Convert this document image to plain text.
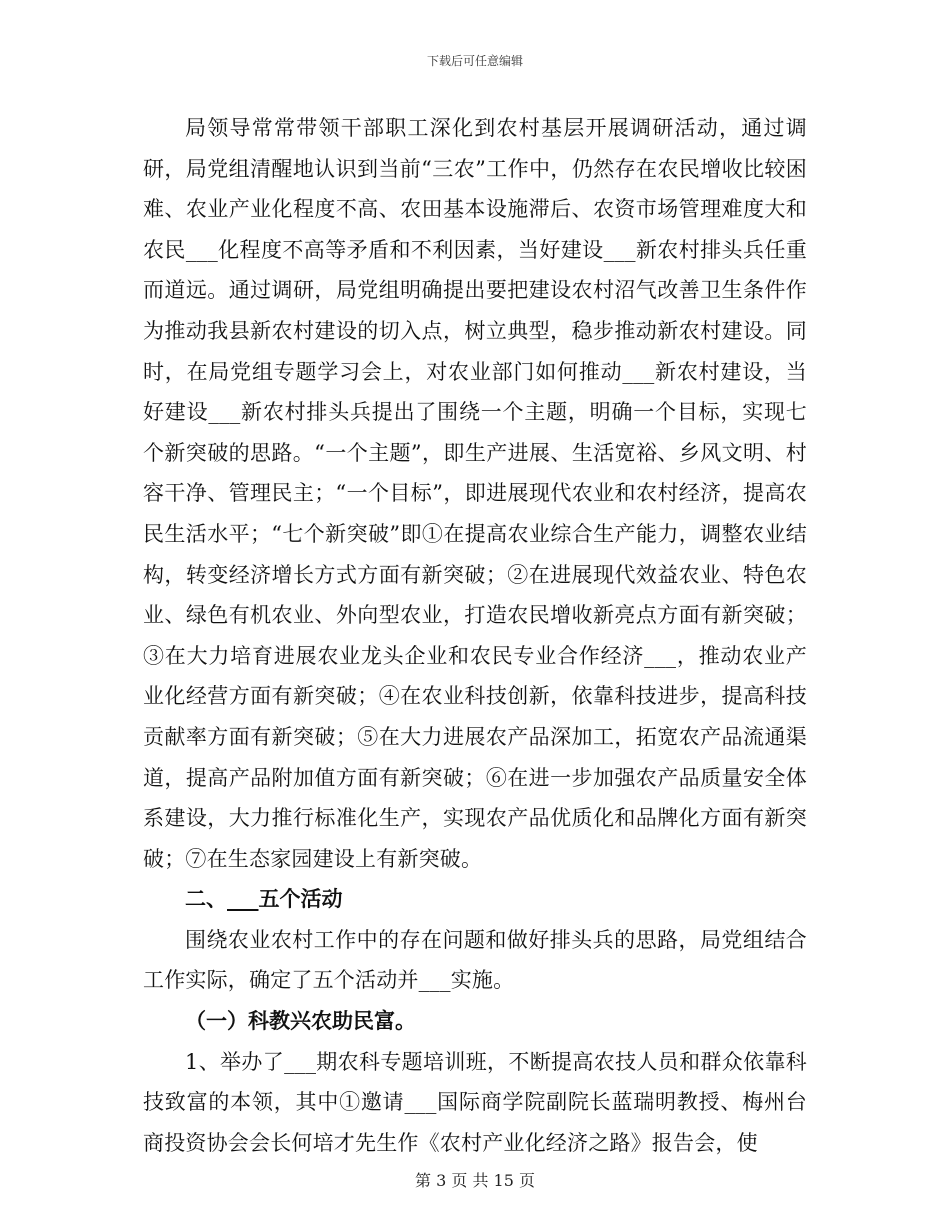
下载后可任意编辑

局领导常常带领干部职工深化到农村基层开展调研活动，通过调研，局党组清醒地认识到当前“三农”工作中，仍然存在农民增收比较困难、农业产业化程度不高、农田基本设施滞后、农资市场管理难度大和农民___化程度不高等矛盾和不利因素，当好建设___新农村排头兵任重而道远。通过调研，局党组明确提出要把建设农村沼气改善卫生条件作为推动我县新农村建设的切入点，树立典型，稳步推动新农村建设。同时，在局党组专题学习会上，对农业部门如何推动___新农村建设，当好建设___新农村排头兵提出了围绕一个主题，明确一个目标，实现七个新突破的思路。“一个主题”，即生产进展、生活宽裕、乡风文明、村容干净、管理民主；“一个目标”，即进展现代农业和农村经济，提高农民生活水平；“七个新突破”即①在提高农业综合生产能力，调整农业结构，转变经济增长方式方面有新突破；②在进展现代效益农业、特色农业、绿色有机农业、外向型农业，打造农民增收新亮点方面有新突破；③在大力培育进展农业龙头企业和农民专业合作经济___，推动农业产业化经营方面有新突破；④在农业科技创新，依靠科技进步，提高科技贡献率方面有新突破；⑤在大力进展农产品深加工，拓宽农产品流通渠道，提高产品附加值方面有新突破；⑥在进一步加强农产品质量安全体系建设，大力推行标准化生产，实现农产品优质化和品牌化方面有新突破；⑦在生态家园建设上有新突破。

二、___五个活动

围绕农业农村工作中的存在问题和做好排头兵的思路，局党组结合工作实际，确定了五个活动并___实施。

（一）科教兴农助民富。

1、举办了___期农科专题培训班，不断提高农技人员和群众依靠科技致富的本领，其中①邀请___国际商学院副院长蓝瑞明教授、梅州台商投资协会会长何培才先生作《农村产业化经济之路》报告会，使

第 3 页 共 15 页
